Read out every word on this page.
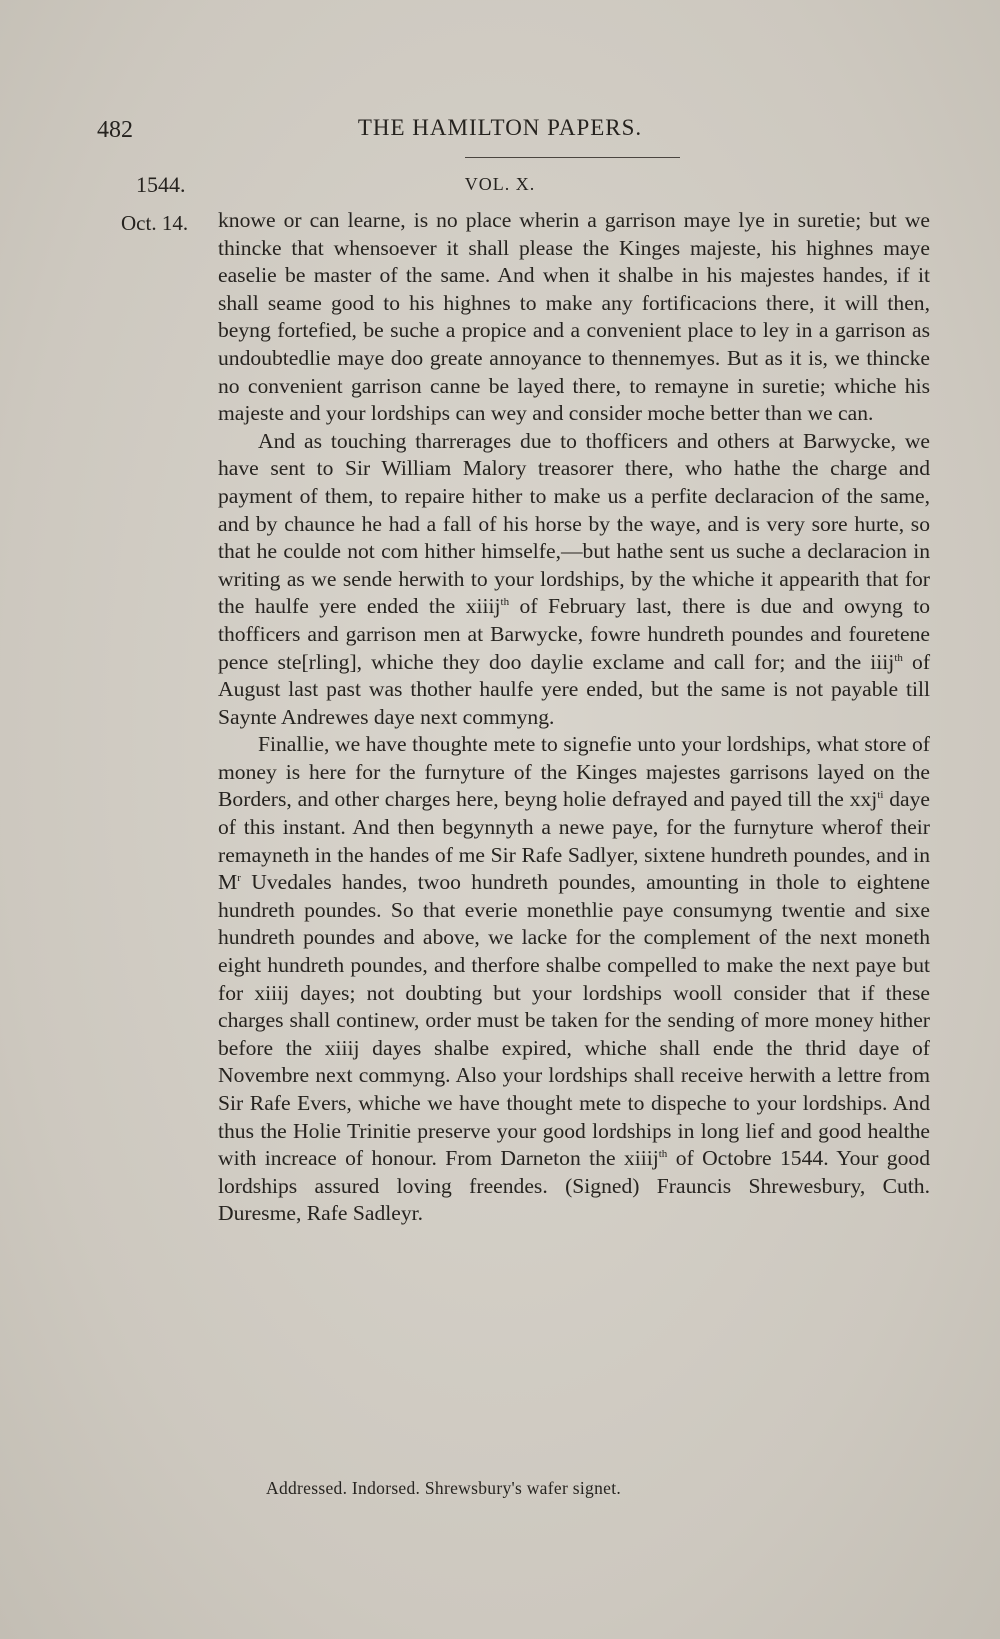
482	THE HAMILTON PAPERS.
1544.	VOL. X.
Oct. 14. knowe or can learne, is no place wherin a garrison maye lye in suretie; but we thincke that whensoever it shall please the Kinges majeste, his highnes maye easelie be master of the same. And when it shalbe in his majestes handes, if it shall seame good to his highnes to make any fortificacions there, it will then, beyng fortefied, be suche a propice and a convenient place to ley in a garrison as undoubtedlie maye doo greate annoyance to thennemyes. But as it is, we thincke no convenient garrison canne be layed there, to remayne in suretie; whiche his majeste and your lordships can wey and consider moche better than we can.

And as touching tharrerages due to thofficers and others at Barwycke, we have sent to Sir William Malory treasorer there, who hathe the charge and payment of them, to repaire hither to make us a perfite declaracion of the same, and by chaunce he had a fall of his horse by the waye, and is very sore hurte, so that he coulde not com hither himselfe,—but hathe sent us suche a declaracion in writing as we sende herwith to your lordships, by the whiche it appearith that for the haulfe yere ended the xiiij$^{th}$ of February last, there is due and owyng to thofficers and garrison men at Barwycke, fowre hundreth poundes and fouretene pence ste[rling], whiche they doo daylie exclame and call for; and the iiij$^{th}$ of August last past was thother haulfe yere ended, but the same is not payable till Saynte Andrewes daye next commyng.

Finallie, we have thoughte mete to signefie unto your lordships, what store of money is here for the furnyture of the Kinges majestes garrisons layed on the Borders, and other charges here, beyng holie defrayed and payed till the xxj$^{ti}$ daye of this instant. And then begynnyth a newe paye, for the furnyture wherof their remayneth in the handes of me Sir Rafe Sadlyer, sixtene hundreth poundes, and in $M^r$ Uvedales handes, twoo hundreth poundes, amounting in thole to eightene hundreth poundes. So that everie monethlie paye consumyng twentie and sixe hundreth poundes and above, we lacke for the complement of the next moneth eight hundreth poundes, and therfore shalbe compelled to make the next paye but for xiiij dayes; not doubting but your lordships wooll consider that if these charges shall continew, order must be taken for the sending of more money hither before the xiiij dayes shalbe expired, whiche shall ende the thrid daye of Novembre next commyng. Also your lordships shall receive herwith a lettre from Sir Rafe Evers, whiche we have thought mete to dispeche to your lordships. And thus the Holie Trinitie preserve your good lordships in long lief and good healthe with increace of honour. From Darneton the xiiij$^{th}$ of Octobre 1544. Your good lordships assured loving freendes. (Signed) Frauncis Shrewesbury, Cuth. Duresme, Rafe Sadleyr.

Addressed. Indorsed. Shrewsbury's wafer signet.
